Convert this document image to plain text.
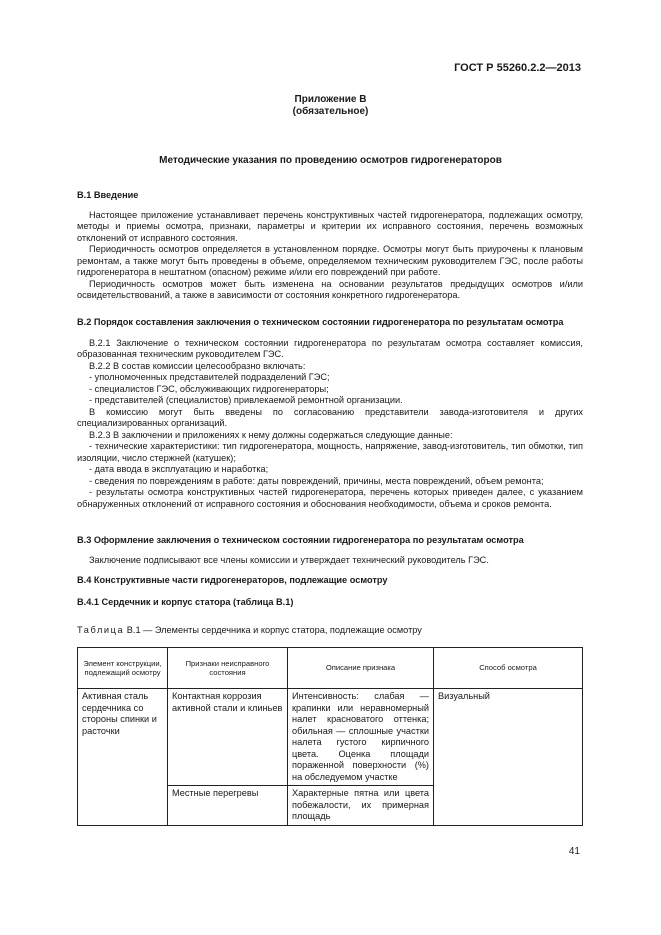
ГОСТ Р 55260.2.2—2013
Приложение В
(обязательное)
Методические указания по проведению осмотров гидрогенераторов

В.1 Введение

Настоящее приложение устанавливает перечень конструктивных частей гидрогенератора, подлежащих осмотру, методы и приемы осмотра, признаки, параметры и критерии их исправного состояния, перечень возможных отклонений от исправного состояния.

Периодичность осмотров определяется в установленном порядке. Осмотры могут быть приурочены к плановым ремонтам, а также могут быть проведены в объеме, определяемом техническим руководителем ГЭС, после работы гидрогенератора в нештатном (опасном) режиме и/или его повреждений при работе.

Периодичность осмотров может быть изменена на основании результатов предыдущих осмотров и/или освидетельствований, а также в зависимости от состояния конкретного гидрогенератора.

В.2 Порядок составления заключения о техническом состоянии гидрогенератора по результатам осмотра

В.2.1 Заключение о техническом состоянии гидрогенератора по результатам осмотра составляет комиссия, образованная техническим руководителем ГЭС.

В.2.2 В состав комиссии целесообразно включать:

- уполномоченных представителей подразделений ГЭС;

- специалистов ГЭС, обслуживающих гидрогенераторы;

- представителей (специалистов) привлекаемой ремонтной организации.

В комиссию могут быть введены по согласованию представители завода-изготовителя и других специализированных организаций.

В.2.3 В заключении и приложениях к нему должны содержаться следующие данные:

- технические характеристики: тип гидрогенератора, мощность, напряжение, завод-изготовитель, тип обмотки, тип изоляции, число стержней (катушек);

- дата ввода в эксплуатацию и наработка;

- сведения по повреждениям в работе: даты повреждений, причины, места повреждений, объем ремонта;

- результаты осмотра конструктивных частей гидрогенератора, перечень которых приведен далее, с указанием обнаруженных отклонений от исправного состояния и обоснования необходимости, объема и сроков ремонта.

В.3 Оформление заключения о техническом состоянии гидрогенератора по результатам осмотра

Заключение подписывают все члены комиссии и утверждает технический руководитель ГЭС.

В.4 Конструктивные части гидрогенераторов, подлежащие осмотру

В.4.1 Сердечник и корпус статора (таблица В.1)

Таблица В.1 — Элементы сердечника и корпус статора, подлежащие осмотру
Элемент конструкции, подлежащий осмотру	Признаки неисправного состояния	Описание признака	Способ осмотра
Активная сталь сердечника со стороны спинки и расточки	Контактная коррозия активной стали и клиньев	Интенсивность: слабая — крапинки или неравномерный налет красноватого оттенка; обильная — сплошные участки налета густого кирпичного цвета. Оценка площади пораженной поверхности (%) на обследуемом участке	Визуальный
	Местные перегревы	Характерные пятна или цвета побежалости, их примерная площадь	
41
